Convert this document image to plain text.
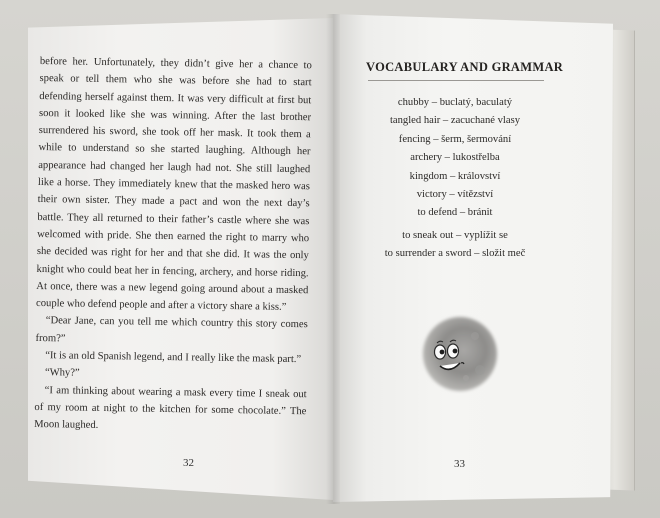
before her. Unfortunately, they didn’t give her a chance to speak or tell them who she was before she had to start defending herself against them. It was very difficult at first but soon it looked like she was winning. After the last brother surrendered his sword, she took off her mask. It took them a while to understand so she started laughing. Although her appearance had changed her laugh had not. She still laughed like a horse. They immediately knew that the masked hero was their own sister. They made a pact and won the next day’s battle. They all returned to their father’s castle where she was welcomed with pride. She then earned the right to marry who she decided was right for her and that she did. It was the only knight who could beat her in fencing, archery, and horse riding. At once, there was a new legend going around about a masked couple who defend people and after a victory share a kiss.”

“Dear Jane, can you tell me which country this story comes from?”

“It is an old Spanish legend, and I really like the mask part.”

“Why?”

“I am thinking about wearing a mask every time I sneak out of my room at night to the kitchen for some chocolate.” The Moon laughed.

32
VOCABULARY AND GRAMMAR
chubby – buclatý, baculatý
tangled hair – zacuchané vlasy
fencing – šerm, šermování
archery – lukostřelba
kingdom – království
victory – vítězství
to defend – bránit
to sneak out – vyplížit se
to surrender a sword – složit meč
33
